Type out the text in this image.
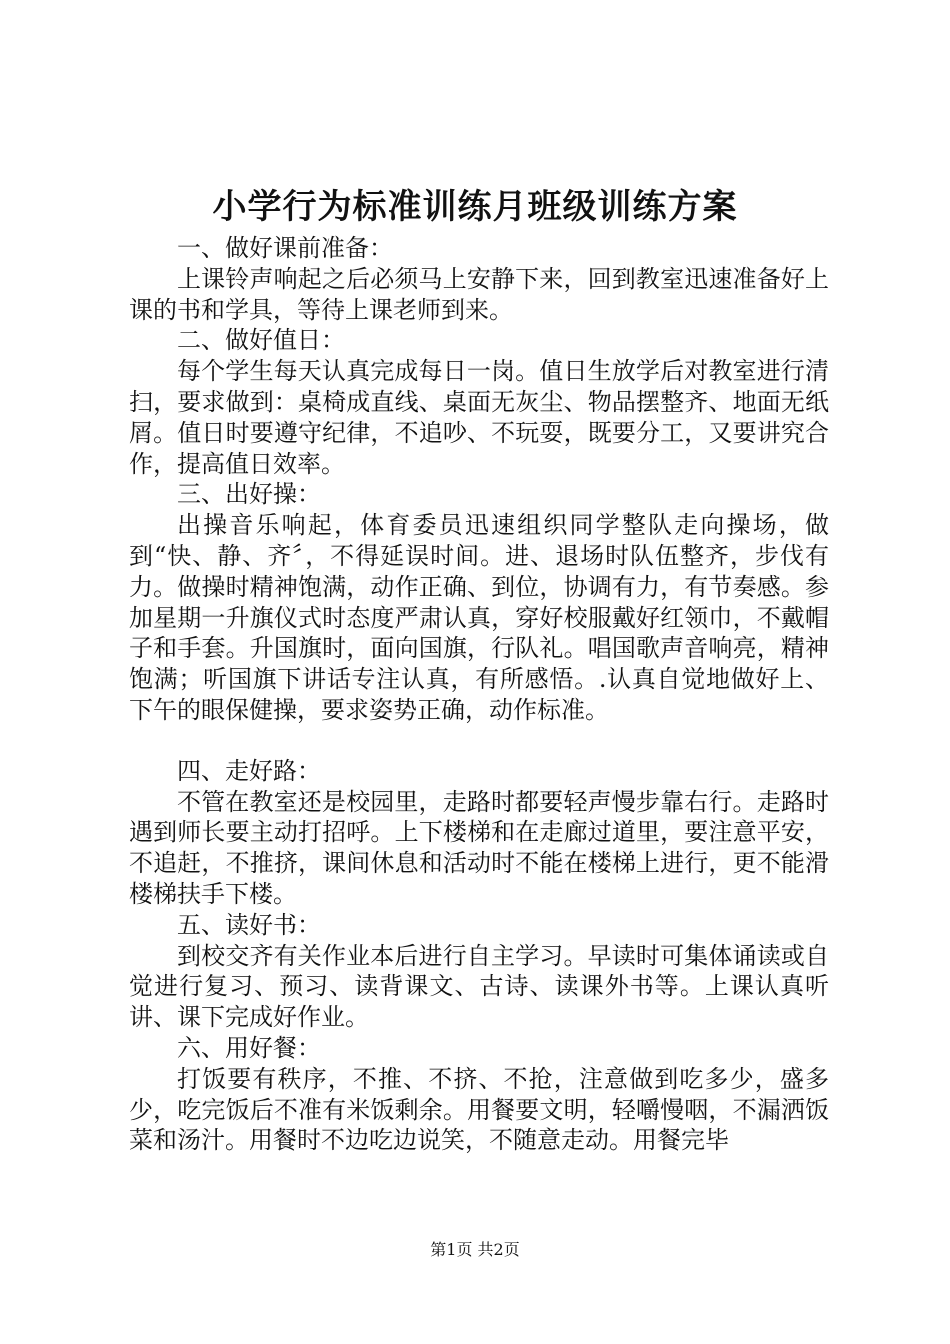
小学行为标准训练月班级训练方案

一、做好课前准备：

上课铃声响起之后必须马上安静下来，回到教室迅速准备好上课的书和学具，等待上课老师到来。

二、做好值日：

每个学生每天认真完成每日一岗。值日生放学后对教室进行清扫，要求做到：桌椅成直线、桌面无灰尘、物品摆整齐、地面无纸屑。值日时要遵守纪律，不追吵、不玩耍，既要分工，又要讲究合作，提高值日效率。

三、出好操：

出操音乐响起，体育委员迅速组织同学整队走向操场，做到“快、静、齐〞，不得延误时间。进、退场时队伍整齐，步伐有力。做操时精神饱满，动作正确、到位，协调有力，有节奏感。参加星期一升旗仪式时态度严肃认真，穿好校服戴好红领巾，不戴帽子和手套。升国旗时，面向国旗，行队礼。唱国歌声音响亮，精神饱满；听国旗下讲话专注认真，有所感悟。.认真自觉地做好上、下午的眼保健操，要求姿势正确，动作标准。

四、走好路：

不管在教室还是校园里，走路时都要轻声慢步靠右行。走路时遇到师长要主动打招呼。上下楼梯和在走廊过道里，要注意平安，不追赶，不推挤，课间休息和活动时不能在楼梯上进行，更不能滑楼梯扶手下楼。

五、读好书：

到校交齐有关作业本后进行自主学习。早读时可集体诵读或自觉进行复习、预习、读背课文、古诗、读课外书等。上课认真听讲、课下完成好作业。

六、用好餐：

打饭要有秩序，不推、不挤、不抢，注意做到吃多少，盛多少，吃完饭后不准有米饭剩余。用餐要文明，轻嚼慢咽，不漏洒饭菜和汤汁。用餐时不边吃边说笑，不随意走动。用餐完毕

第1页 共2页
